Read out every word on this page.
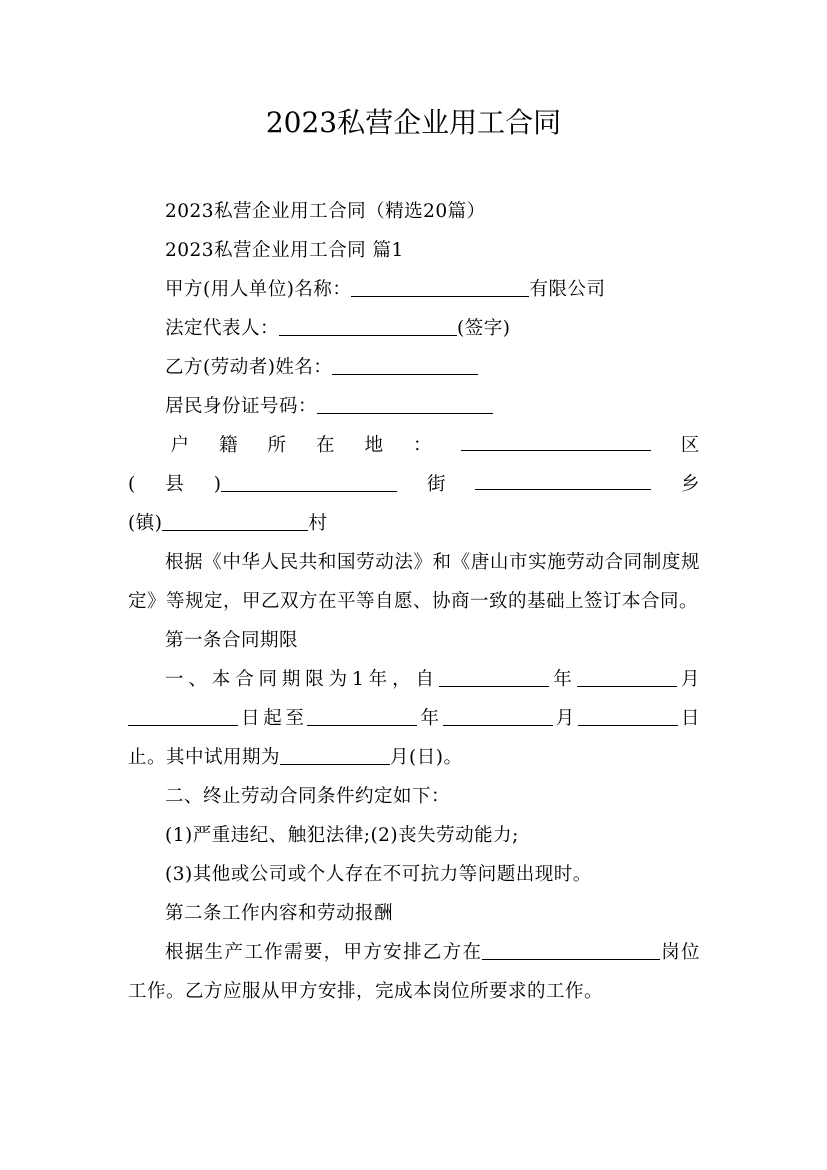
2023私营企业用工合同

2023私营企业用工合同（精选20篇）

2023私营企业用工合同 篇1

甲方(用人单位)名称：	有限公司

法定代表人：	(签字)

乙方(劳动者)姓名：

居民身份证号码：

户 籍 所 在 地 ：	区
( 县 )	街	乡

(镇)	村

根据《中华人民共和国劳动法》和《唐山市实施劳动合同制度规定》等规定，甲乙双方在平等自愿、协商一致的基础上签订本合同。

第一条合同期限

一、本合同期限为1年，自	年	月日起至	年	月	日止。其中试用期为	月(日)。

二、终止劳动合同条件约定如下：

(1)严重违纪、触犯法律;(2)丧失劳动能力;

(3)其他或公司或个人存在不可抗力等问题出现时。

第二条工作内容和劳动报酬

根据生产工作需要，甲方安排乙方在	岗位工作。乙方应服从甲方安排，完成本岗位所要求的工作。
